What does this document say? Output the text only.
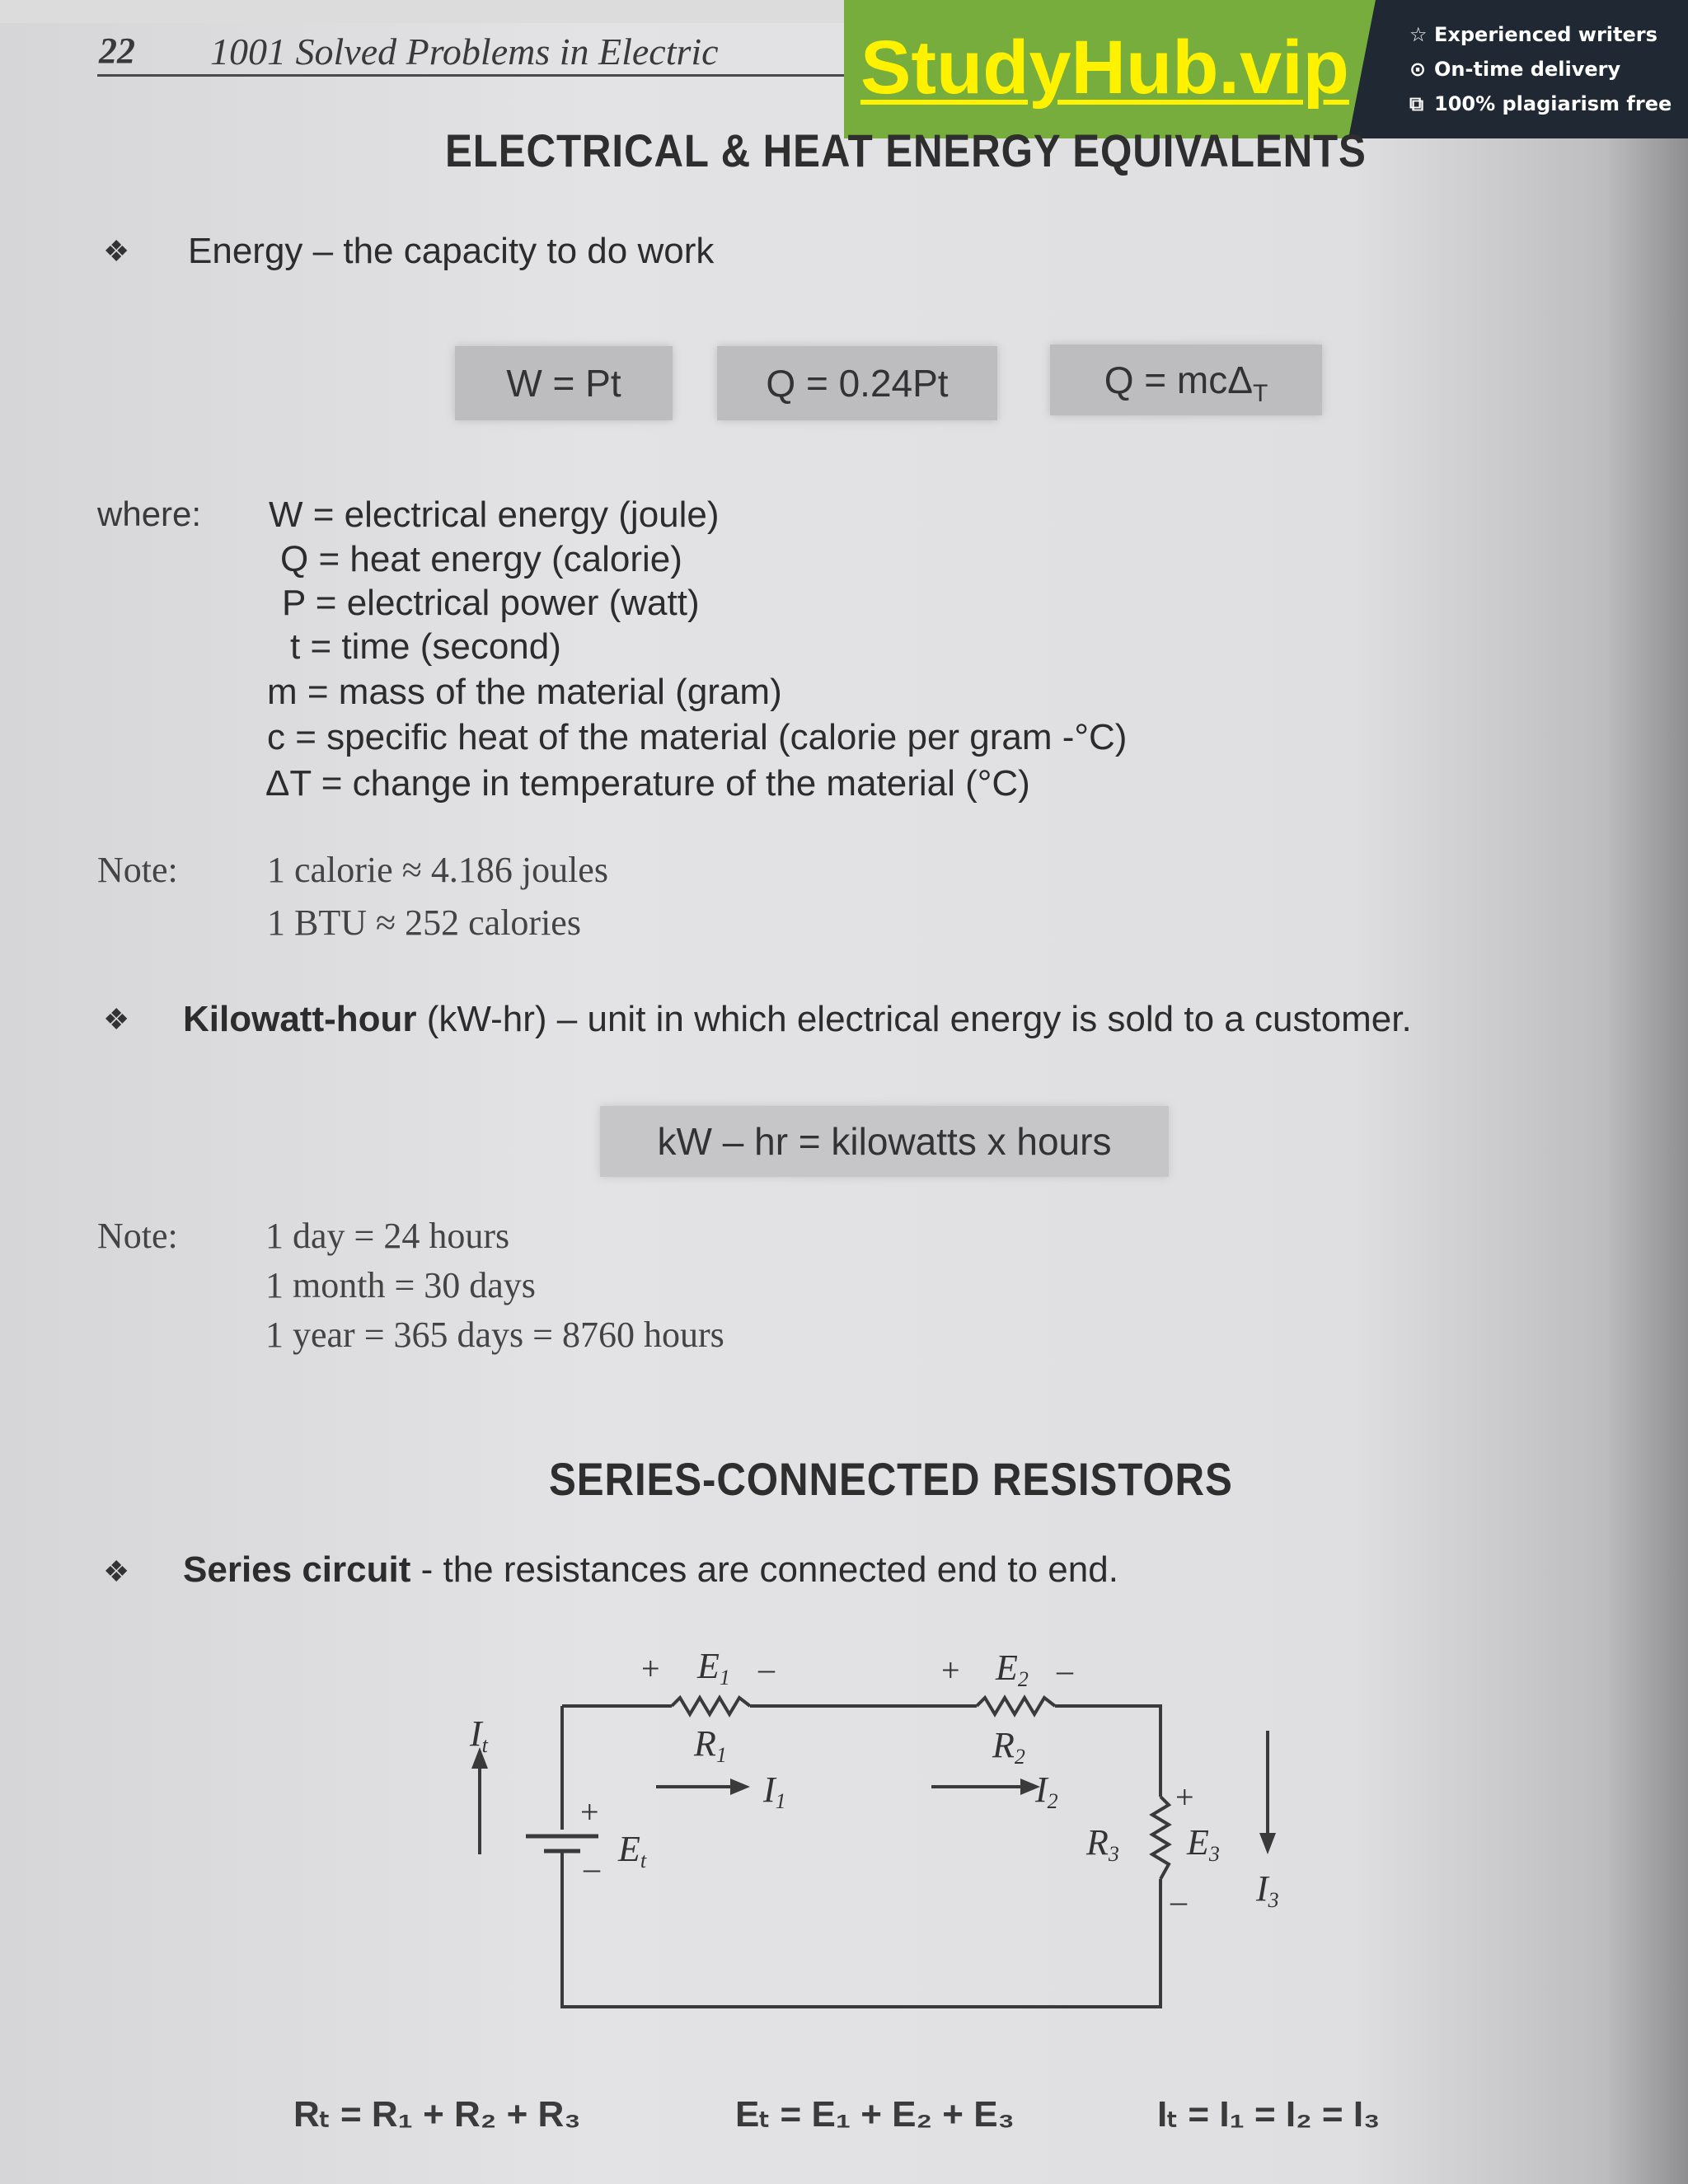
22 1001 Solved Problems in Electric StudyHub.vip	☆ Experienced writers
⊙ On-time delivery
⧉ 100% plagiarism free
ELECTRICAL & HEAT ENERGY EQUIVALENTS
❖ Energy – the capacity to do work
W = Pt	Q = 0.24Pt	Q = mcΔ$_T$
where: W = electrical energy (joule)
Q = heat energy (calorie)
P = electrical power (watt)
t = time (second)
m = mass of the material (gram)
c = specific heat of the material (calorie per gram -°C)
ΔT = change in temperature of the material (°C)
Note: 1 calorie ≈ 4.186 joules
1 BTU ≈ 252 calories
❖ Kilowatt-hour (kW-hr) – unit in which electrical energy is sold to a customer.
kW – hr = kilowatts x hours
Note: 1 day = 24 hours
1 month = 30 days
1 year = 365 days = 8760 hours
SERIES-CONNECTED RESISTORS
❖ Series circuit - the resistances are connected end to end.
+ E1 –
R1
I1
+ E2 –
R2
I2	+
R3 E3
– I3
+
– Et
It
Rₜ = R₁ + R₂ + R₃	Eₜ = E₁ + E₂ + E₃	Iₜ = I₁ = I₂ = I₃
